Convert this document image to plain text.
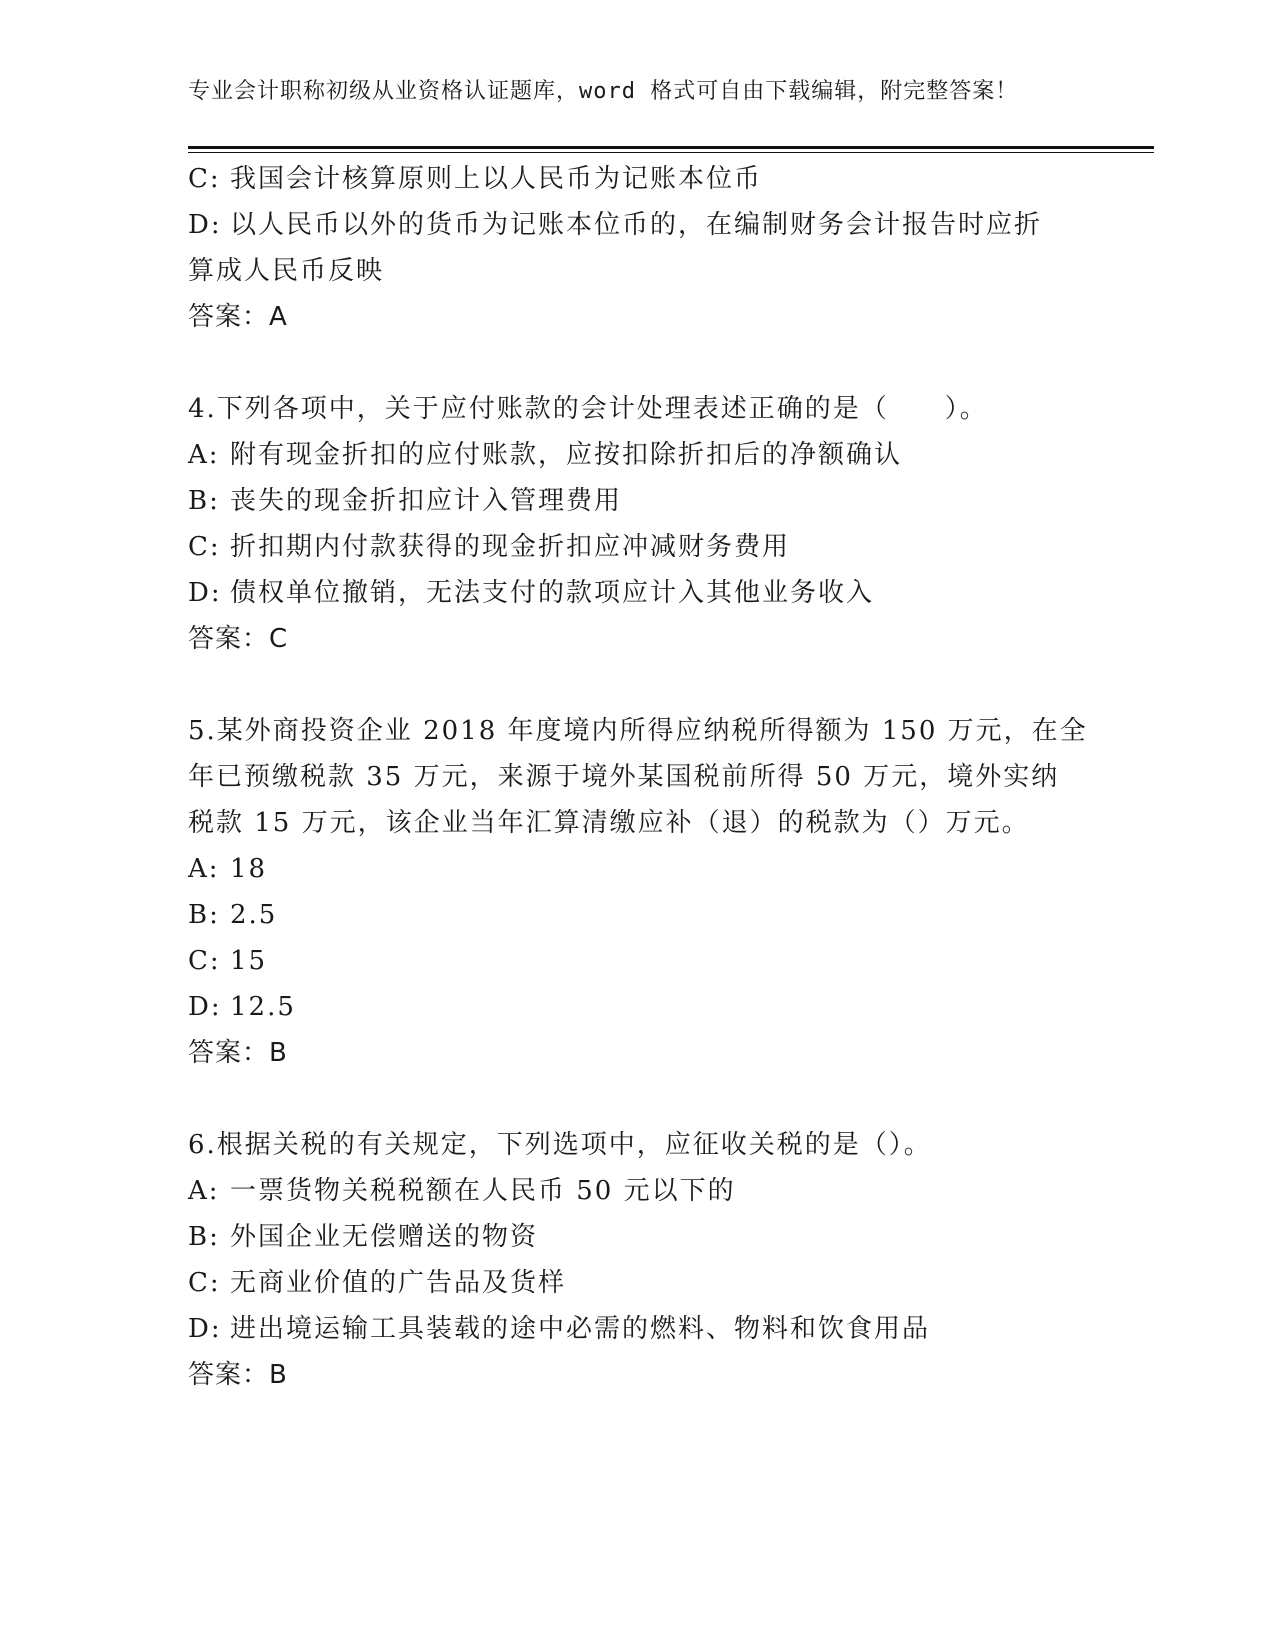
专业会计职称初级从业资格认证题库，word 格式可自由下载编辑，附完整答案！
C: 我国会计核算原则上以人民币为记账本位币
D: 以人民币以外的货币为记账本位币的，在编制财务会计报告时应折
算成人民币反映
答案：A
4.下列各项中，关于应付账款的会计处理表述正确的是（　　）。
A: 附有现金折扣的应付账款，应按扣除折扣后的净额确认
B: 丧失的现金折扣应计入管理费用
C: 折扣期内付款获得的现金折扣应冲减财务费用
D: 债权单位撤销，无法支付的款项应计入其他业务收入
答案：C
5.某外商投资企业 2018 年度境内所得应纳税所得额为 150 万元，在全
年已预缴税款 35 万元，来源于境外某国税前所得 50 万元，境外实纳
税款 15 万元，该企业当年汇算清缴应补（退）的税款为（）万元。
A: 18
B: 2.5
C: 15
D: 12.5
答案：B
6.根据关税的有关规定，下列选项中，应征收关税的是（）。
A: 一票货物关税税额在人民币 50 元以下的
B: 外国企业无偿赠送的物资
C: 无商业价值的广告品及货样
D: 进出境运输工具装载的途中必需的燃料、物料和饮食用品
答案：B
